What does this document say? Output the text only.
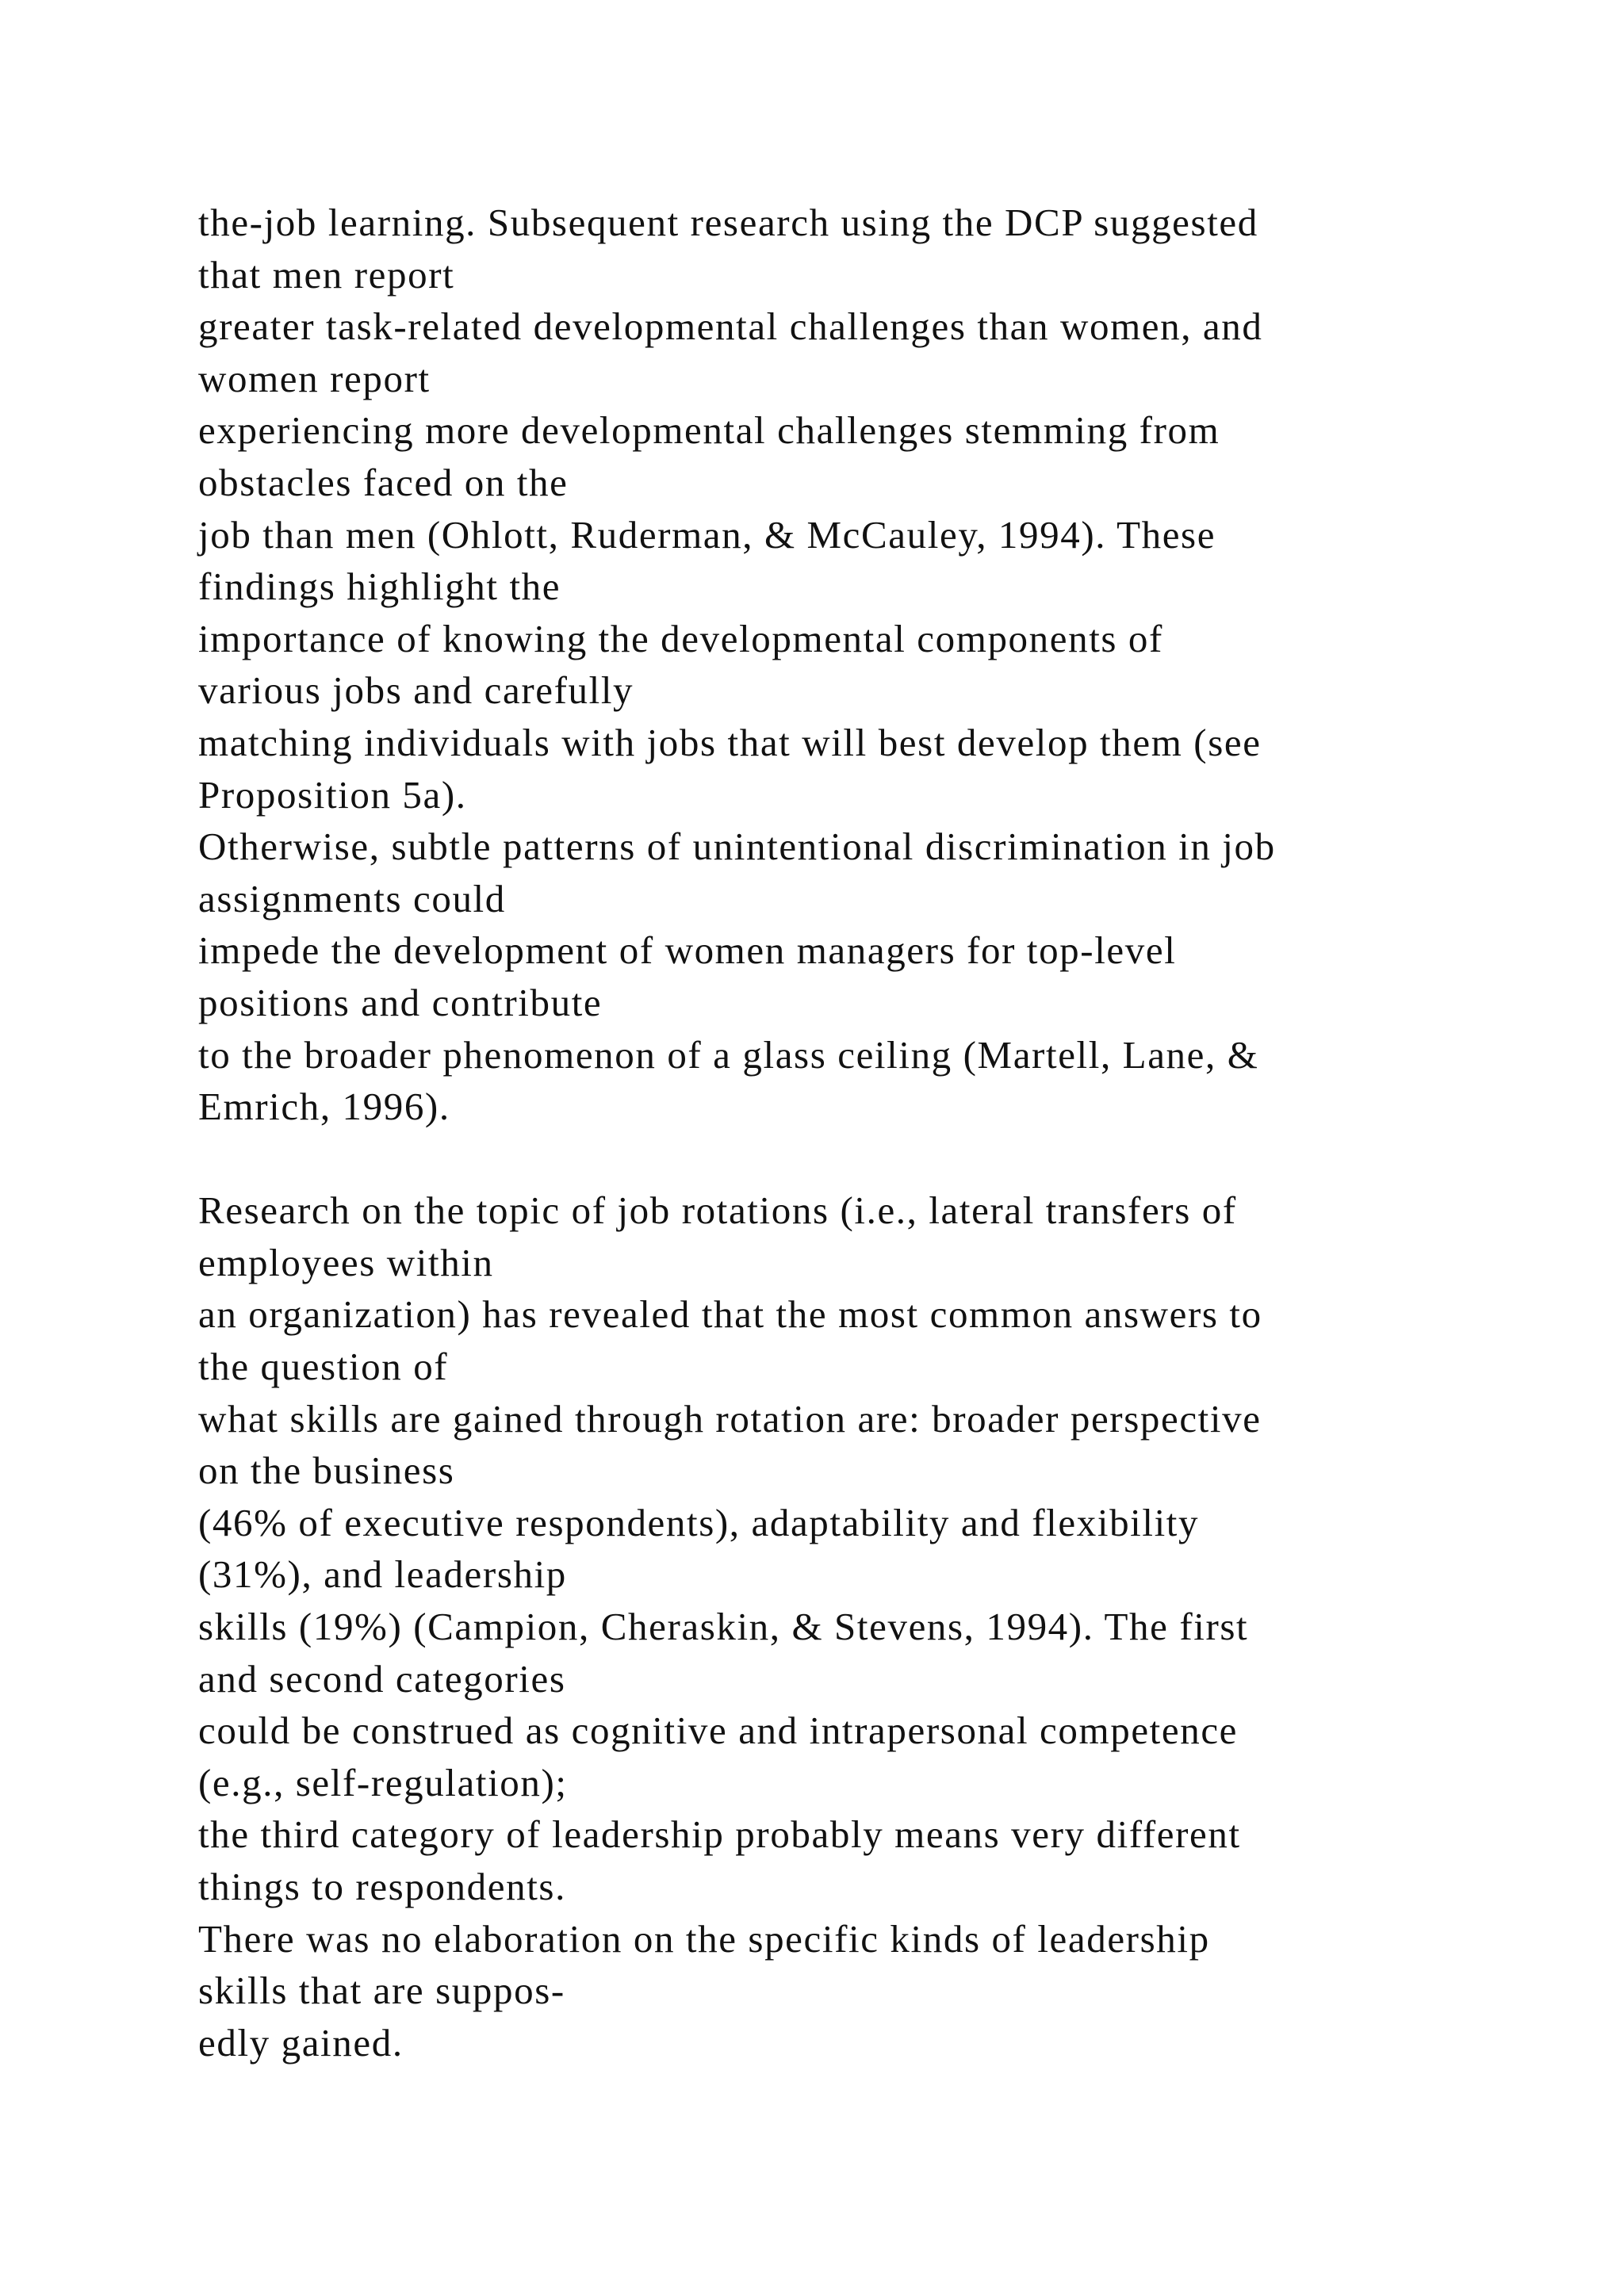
the-job learning. Subsequent research using the DCP suggested
that men report
greater task-related developmental challenges than women, and
women report
experiencing more developmental challenges stemming from
obstacles faced on the
job than men (Ohlott, Ruderman, & McCauley, 1994). These
findings highlight the
importance of knowing the developmental components of
various jobs and carefully
matching individuals with jobs that will best develop them (see
Proposition 5a).
Otherwise, subtle patterns of unintentional discrimination in job
assignments could
impede the development of women managers for top-level
positions and contribute
to the broader phenomenon of a glass ceiling (Martell, Lane, &
Emrich, 1996).
Research on the topic of job rotations (i.e., lateral transfers of
employees within
an organization) has revealed that the most common answers to
the question of
what skills are gained through rotation are: broader perspective
on the business
(46% of executive respondents), adaptability and flexibility
(31%), and leadership
skills (19%) (Campion, Cheraskin, & Stevens, 1994). The first
and second categories
could be construed as cognitive and intrapersonal competence
(e.g., self-regulation);
the third category of leadership probably means very different
things to respondents.
There was no elaboration on the specific kinds of leadership
skills that are suppos-
edly gained.
